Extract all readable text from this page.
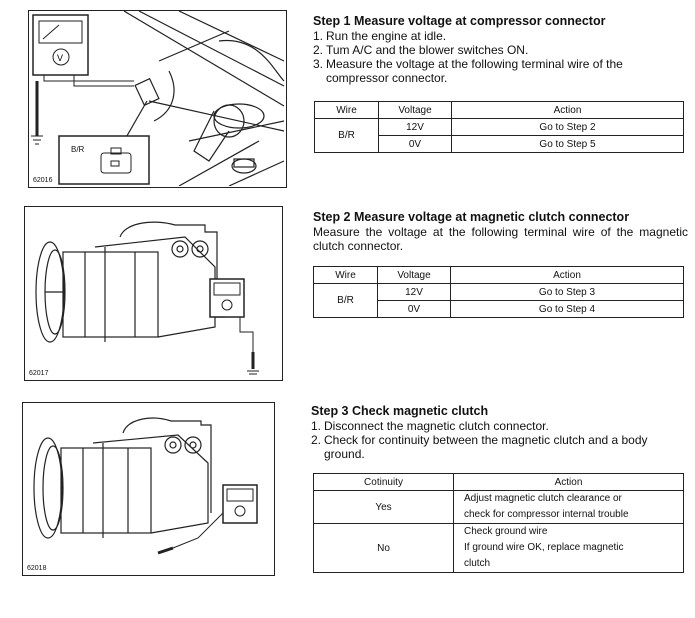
V
B/R
62016
62017
62018
Step 1 Measure voltage at compressor connector
1. Run the engine at idle.
2. Tum A/C and the blower switches ON.
3. Measure the voltage at the following terminal wire of the compressor connector.
Wire	Voltage	Action
B/R	12V	Go to Step 2
	0V	Go to Step 5
Step 2 Measure voltage at magnetic clutch connector

Measure the voltage at the following terminal wire of the magnetic clutch connector.

Wire	Voltage	Action
B/R	12V	Go to Step 3
	0V	Go to Step 4
Step 3 Check magnetic clutch
1. Disconnect the magnetic clutch connector.
2. Check for continuity between the magnetic clutch and a body ground.
Cotinuity	Action
Yes	Adjust magnetic clutch clearance or
check for compressor internal trouble

No	Check ground wire
If ground wire OK, replace magnetic
clutch
